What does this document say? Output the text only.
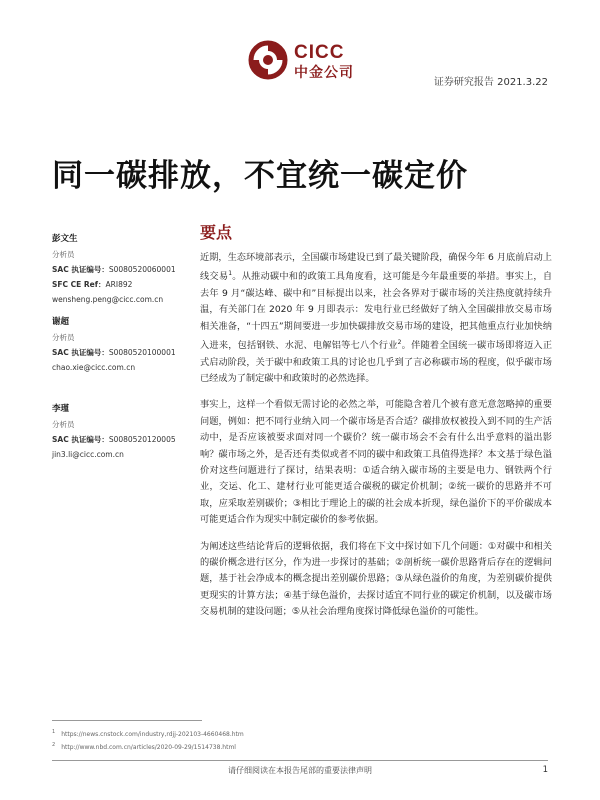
CICC
中金公司
证券研究报告 2021.3.22
同一碳排放，不宜统一碳定价
彭文生
分析员
SAC 执证编号：S0080520060001
SFC CE Ref：ARI892
wensheng.peng@cicc.com.cn
谢超
分析员
SAC 执证编号：S0080520100001
chao.xie@cicc.com.cn
李瑾
分析员
SAC 执证编号：S0080520120005
jin3.li@cicc.com.cn
要点

近期，生态环境部表示，全国碳市场建设已到了最关键阶段，确保今年 6 月底前启动上线交易$^1$。从推动碳中和的政策工具角度看，这可能是今年最重要的举措。事实上，自去年 9 月“碳达峰、碳中和”目标提出以来，社会各界对于碳市场的关注热度就持续升温，有关部门在 2020 年 9 月即表示：发电行业已经做好了纳入全国碳排放交易市场相关准备，“十四五”期间要进一步加快碳排放交易市场的建设，把其他重点行业加快纳入进来，包括钢铁、水泥、电解铝等七八个行业$^2$。伴随着全国统一碳市场即将迈入正式启动阶段，关于碳中和政策工具的讨论也几乎到了言必称碳市场的程度，似乎碳市场已经成为了制定碳中和政策时的必然选择。

事实上，这样一个看似无需讨论的必然之举，可能隐含着几个被有意无意忽略掉的重要问题，例如：把不同行业纳入同一个碳市场是否合适？碳排放权被投入到不同的生产活动中，是否应该被要求面对同一个碳价？统一碳市场会不会有什么出乎意料的溢出影响？碳市场之外，是否还有类似或者不同的碳中和政策工具值得选择？本文基于绿色溢价对这些问题进行了探讨，结果表明：①适合纳入碳市场的主要是电力、钢铁两个行业，交运、化工、建材行业可能更适合碳税的碳定价机制；②统一碳价的思路并不可取，应采取差别碳价；③相比于理论上的碳的社会成本折现，绿色溢价下的平价碳成本可能更适合作为现实中制定碳价的参考依据。

为阐述这些结论背后的逻辑依据，我们将在下文中探讨如下几个问题：①对碳中和相关的碳价概念进行区分，作为进一步探讨的基础；②剖析统一碳价思路背后存在的逻辑问题，基于社会净成本的概念提出差别碳价思路；③从绿色溢价的角度，为差别碳价提供更现实的计算方法；④基于绿色溢价，去探讨适宜不同行业的碳定价机制，以及碳市场交易机制的建设问题；⑤从社会治理角度探讨降低绿色溢价的可能性。

$^1$ https://news.cnstock.com/industry,rdjj-202103-4660468.htm
$^2$ http://www.nbd.com.cn/articles/2020-09-29/1514738.html
请仔细阅读在本报告尾部的重要法律声明	1
